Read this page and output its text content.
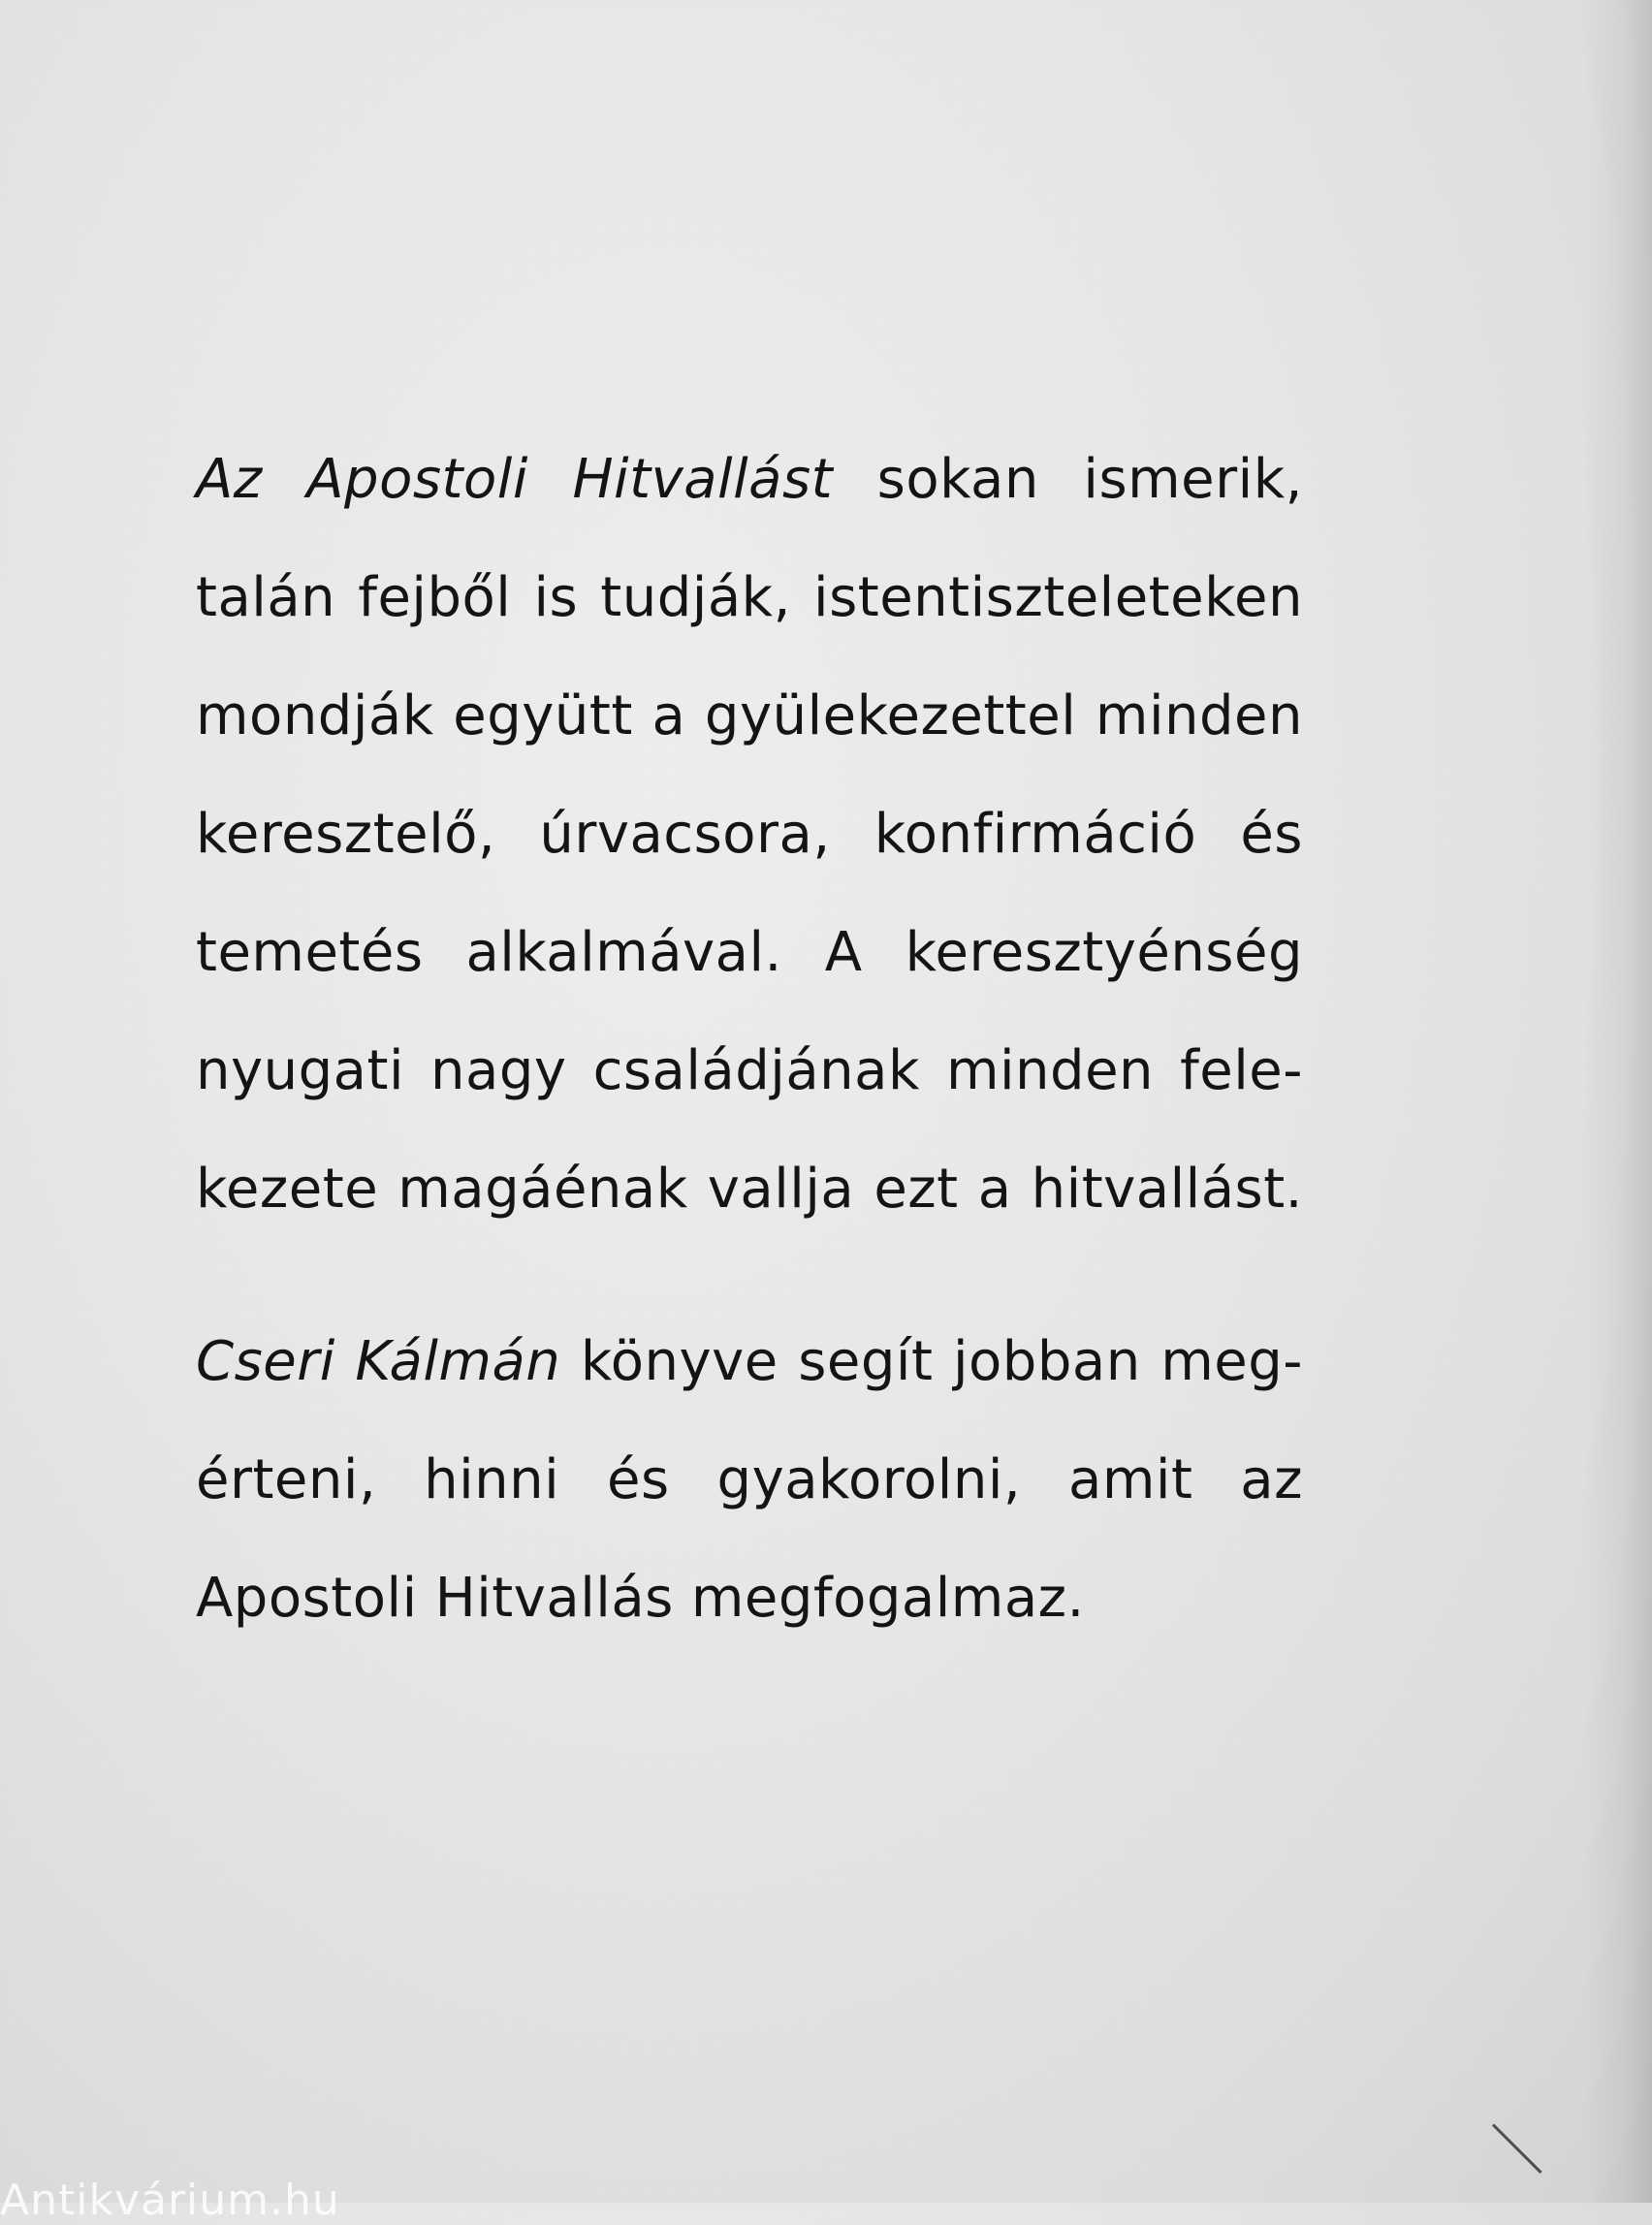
Az Apostoli Hitvallást sokan ismerik,
talán fejből is tudják, istentiszteleteken
mondják együtt a gyülekezettel minden
keresztelő, úrvacsora, konfirmáció és
temetés alkalmával. A keresztyénség
nyugati nagy családjának minden fele-
kezete magáénak vallja ezt a hitvallást.
Cseri Kálmán könyve segít jobban meg-
érteni, hinni és gyakorolni, amit az
Apostoli Hitvallás megfogalmaz.
Antikvárium.hu
